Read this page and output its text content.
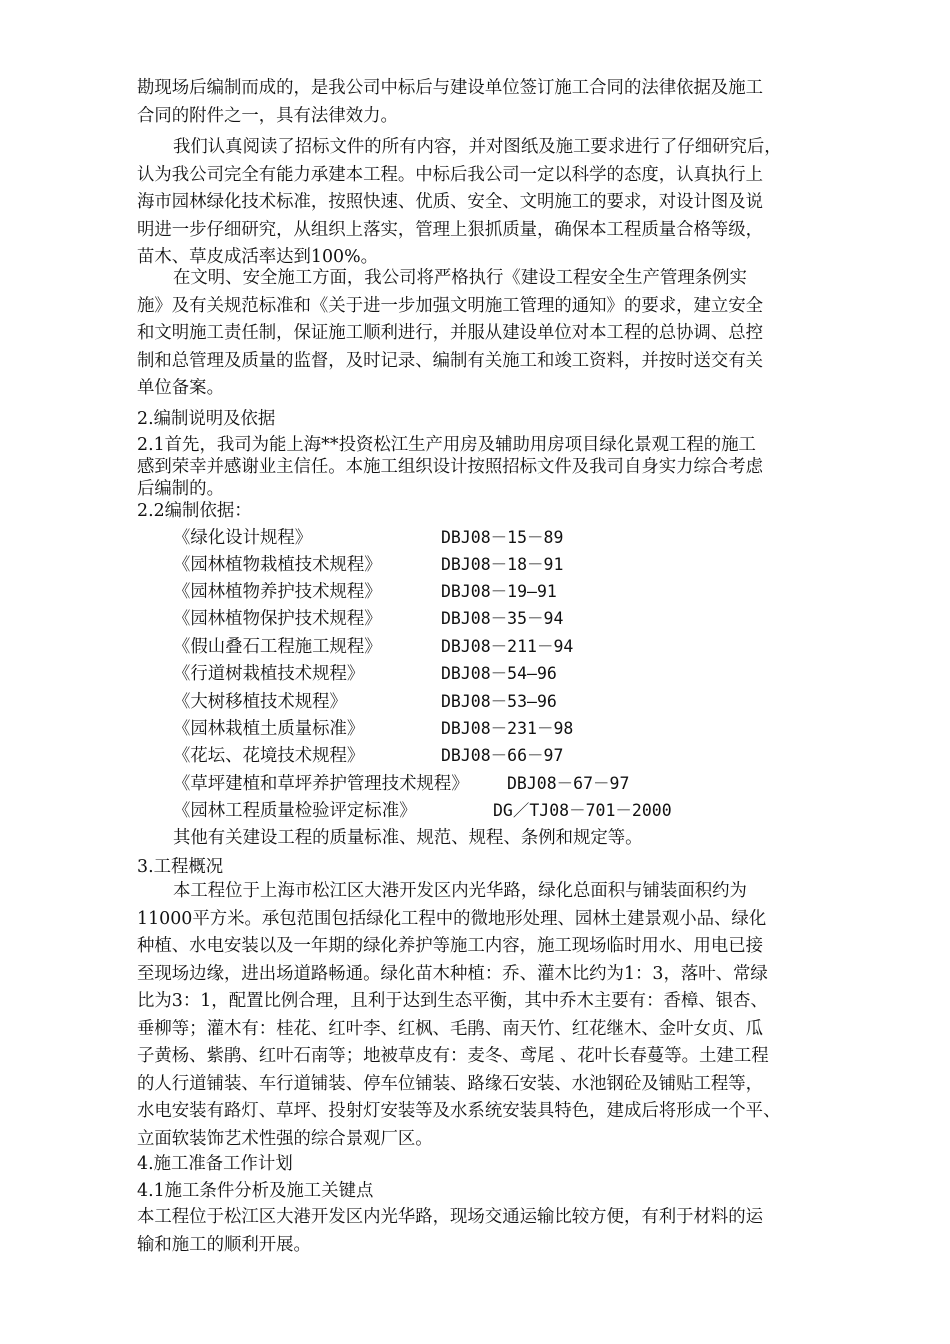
勘现场后编制而成的，是我公司中标后与建设单位签订施工合同的法律依据及施工
合同的附件之一，具有法律效力。
我们认真阅读了招标文件的所有内容，并对图纸及施工要求进行了仔细研究后，
认为我公司完全有能力承建本工程。中标后我公司一定以科学的态度，认真执行上
海市园林绿化技术标准，按照快速、优质、安全、文明施工的要求，对设计图及说
明进一步仔细研究，从组织上落实，管理上狠抓质量，确保本工程质量合格等级，
苗木、草皮成活率达到100%。
在文明、安全施工方面，我公司将严格执行《建设工程安全生产管理条例实
施》及有关规范标准和《关于进一步加强文明施工管理的通知》的要求，建立安全
和文明施工责任制，保证施工顺利进行，并服从建设单位对本工程的总协调、总控
制和总管理及质量的监督，及时记录、编制有关施工和竣工资料，并按时送交有关
单位备案。
2.编制说明及依据
2.1首先，我司为能上海**投资松江生产用房及辅助用房项目绿化景观工程的施工
感到荣幸并感谢业主信任。本施工组织设计按照招标文件及我司自身实力综合考虑
后编制的。
2.2编制依据：
《绿化设计规程》	DBJ08－15－89
《园林植物栽植技术规程》	DBJ08－18－91
《园林植物养护技术规程》	DBJ08－19—91
《园林植物保护技术规程》	DBJ08－35－94
《假山叠石工程施工规程》	DBJ08－211－94
《行道树栽植技术规程》	DBJ08－54—96
《大树移植技术规程》	DBJ08－53—96
《园林栽植土质量标准》	DBJ08－231－98
《花坛、花境技术规程》	DBJ08－66－97
《草坪建植和草坪养护管理技术规程》 DBJ08－67－97
《园林工程质量检验评定标准》	DG／TJ08－701－2000
其他有关建设工程的质量标准、规范、规程、条例和规定等。
3.工程概况
本工程位于上海市松江区大港开发区内光华路，绿化总面积与铺装面积约为
11000平方米。承包范围包括绿化工程中的微地形处理、园林土建景观小品、绿化
种植、水电安装以及一年期的绿化养护等施工内容，施工现场临时用水、用电已接
至现场边缘，进出场道路畅通。绿化苗木种植：乔、灌木比约为1：3，落叶、常绿
比为3：1，配置比例合理，且利于达到生态平衡，其中乔木主要有：香樟、银杏、
垂柳等；灌木有：桂花、红叶李、红枫、毛鹃、南天竹、红花继木、金叶女贞、瓜
子黄杨、紫鹃、红叶石南等；地被草皮有：麦冬、鸢尾 、花叶长春蔓等。土建工程
的人行道铺装、车行道铺装、停车位铺装、路缘石安装、水池钢砼及铺贴工程等，
水电安装有路灯、草坪、投射灯安装等及水系统安装具特色，建成后将形成一个平、
立面软装饰艺术性强的综合景观厂区。
4.施工准备工作计划
4.1施工条件分析及施工关键点
本工程位于松江区大港开发区内光华路，现场交通运输比较方便，有利于材料的运
输和施工的顺利开展。
